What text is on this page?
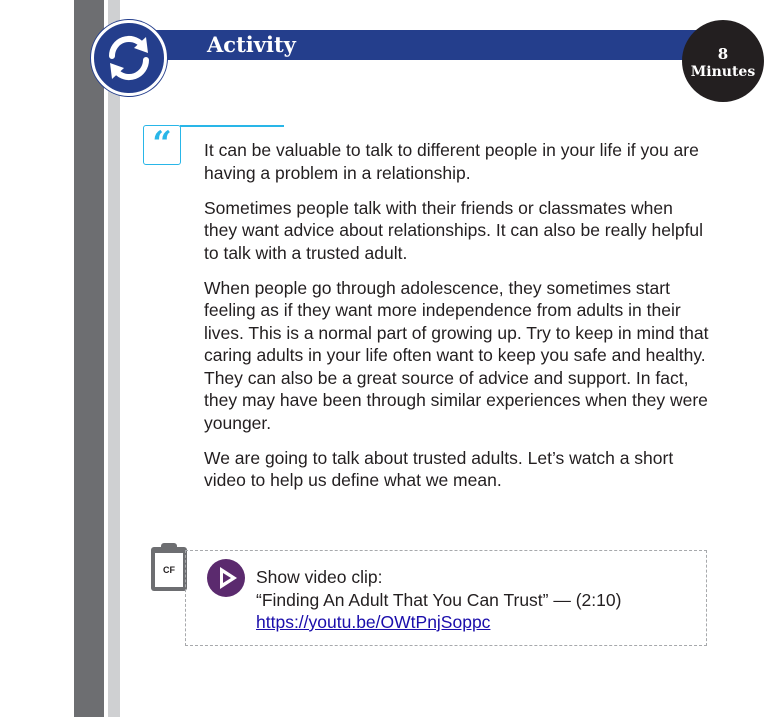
Activity	8
Minutes
“	It can be valuable to talk to different people in your life if you are having a problem in a relationship.

Sometimes people talk with their friends or classmates when they want advice about relationships. It can also be really helpful to talk with a trusted adult.

When people go through adolescence, they sometimes start feeling as if they want more independence from adults in their lives. This is a normal part of growing up. Try to keep in mind that caring adults in your life often want to keep you safe and healthy. They can also be a great source of advice and support. In fact, they may have been through similar experiences when they were younger.

We are going to talk about trusted adults. Let’s watch a short video to help us define what we mean.

CF	Show video clip:
“Finding An Adult That You Can Trust” — (2:10)
https://youtu.be/OWtPnjSoppc
